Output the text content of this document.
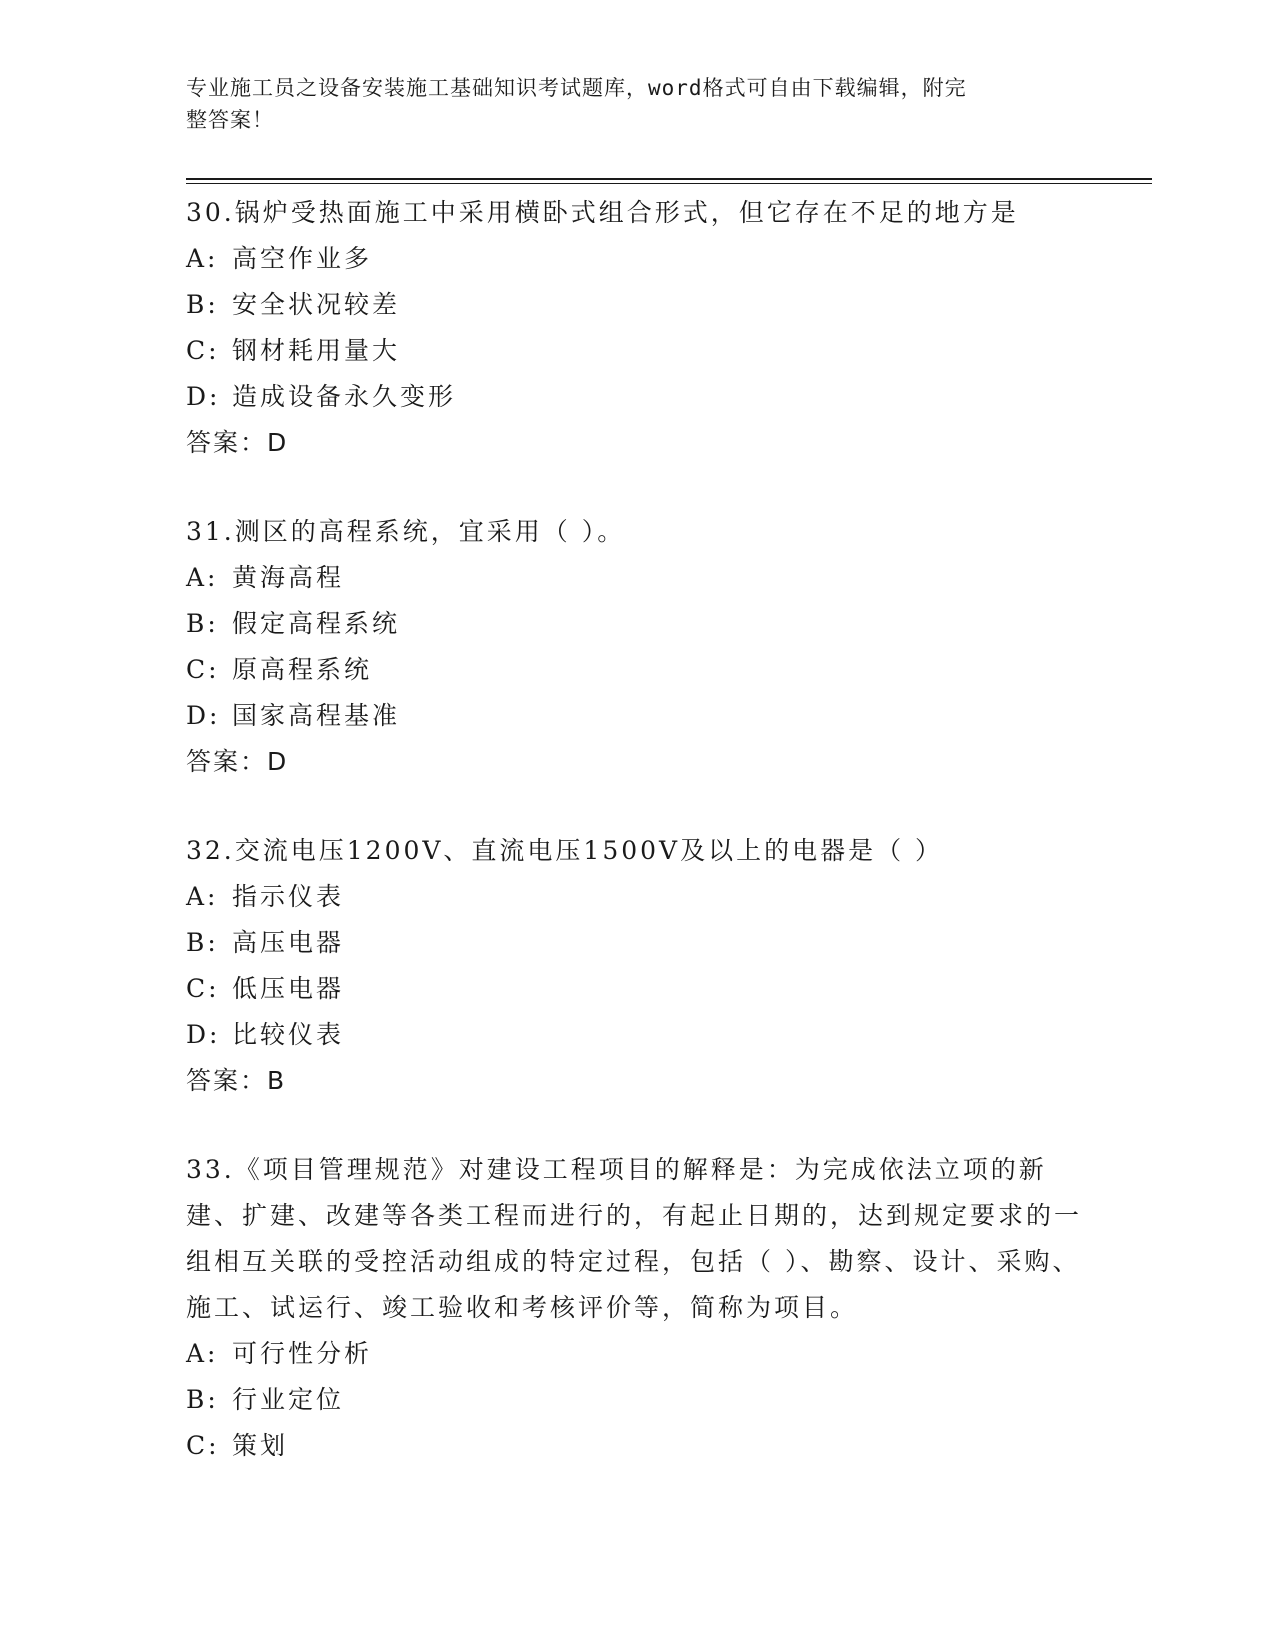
专业施工员之设备安装施工基础知识考试题库，word格式可自由下载编辑，附完
整答案！

30.锅炉受热面施工中采用横卧式组合形式，但它存在不足的地方是

A: 高空作业多
B: 安全状况较差
C: 钢材耗用量大
D: 造成设备永久变形

答案：D

31.测区的高程系统，宜采用（ ）。

A: 黄海高程
B: 假定高程系统
C: 原高程系统
D: 国家高程基准

答案：D

32.交流电压1200V、直流电压1500V及以上的电器是（ ）

A: 指示仪表
B: 高压电器
C: 低压电器
D: 比较仪表

答案：B

33.《项目管理规范》对建设工程项目的解释是：为完成依法立项的新建、扩建、改建等各类工程而进行的，有起止日期的，达到规定要求的一组相互关联的受控活动组成的特定过程，包括（ ）、勘察、设计、采购、施工、试运行、竣工验收和考核评价等，简称为项目。

A: 可行性分析
B: 行业定位
C: 策划
